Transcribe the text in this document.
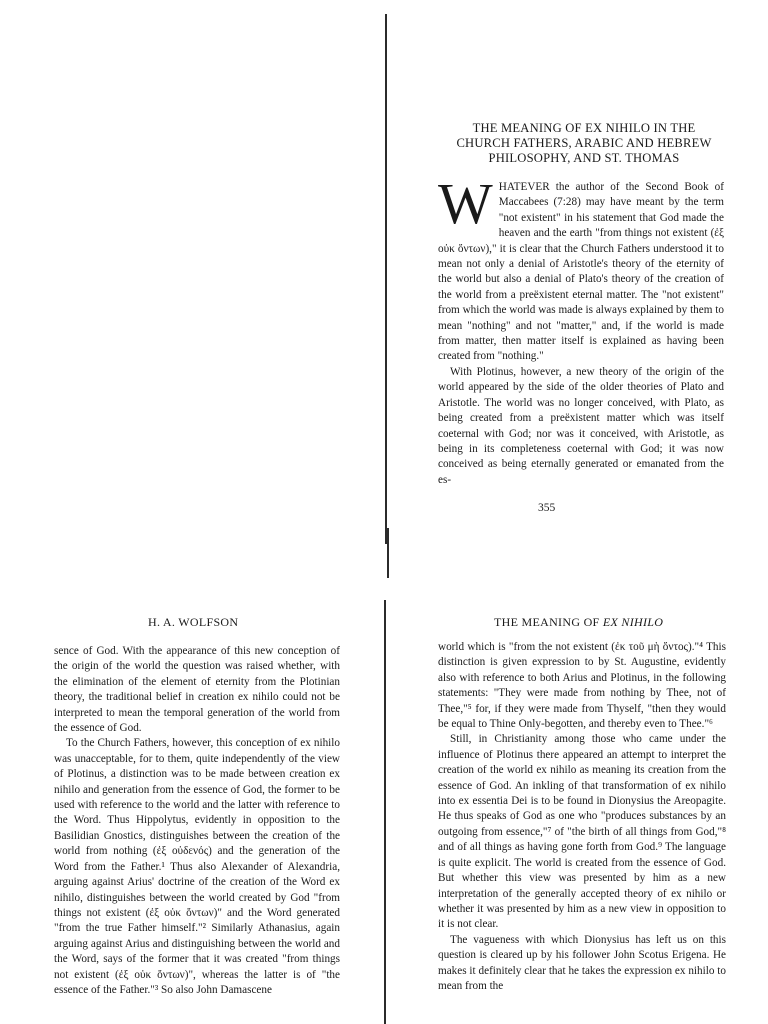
THE MEANING OF EX NIHILO IN THE
CHURCH FATHERS, ARABIC AND HEBREW
PHILOSOPHY, AND ST. THOMAS

WHATEVER the author of the Second Book of Maccabees (7:28) may have meant by the term "not existent" in his statement that God made the heaven and the earth "from things not existent (ἐξ οὐκ ὄντων)," it is clear that the Church Fathers understood it to mean not only a denial of Aristotle's theory of the eternity of the world but also a denial of Plato's theory of the creation of the world from a preëxistent eternal matter. The "not existent" from which the world was made is always explained by them to mean "nothing" and not "matter," and, if the world is made from matter, then matter itself is explained as having been created from "nothing."

With Plotinus, however, a new theory of the origin of the world appeared by the side of the older theories of Plato and Aristotle. The world was no longer conceived, with Plato, as being created from a preëxistent matter which was itself coeternal with God; nor was it conceived, with Aristotle, as being in its completeness coeternal with God; it was now conceived as being eternally generated or emanated from the es-

355
H. A. WOLFSON

sence of God. With the appearance of this new conception of the origin of the world the question was raised whether, with the elimination of the element of eternity from the Plotinian theory, the traditional belief in creation ex nihilo could not be interpreted to mean the temporal generation of the world from the essence of God.

To the Church Fathers, however, this conception of ex nihilo was unacceptable, for to them, quite independently of the view of Plotinus, a distinction was to be made between creation ex nihilo and generation from the essence of God, the former to be used with reference to the world and the latter with reference to the Word. Thus Hippolytus, evidently in opposition to the Basilidian Gnostics, distinguishes between the creation of the world from nothing (ἐξ οὐδενός) and the generation of the Word from the Father.¹ Thus also Alexander of Alexandria, arguing against Arius' doctrine of the creation of the Word ex nihilo, distinguishes between the world created by God "from things not existent (ἐξ οὐκ ὄντων)" and the Word generated "from the true Father himself."² Similarly Athanasius, again arguing against Arius and distinguishing between the world and the Word, says of the former that it was created "from things not existent (ἐξ οὐκ ὄντων)", whereas the latter is of "the essence of the Father."³ So also John Damascene

THE MEANING OF EX NIHILO

world which is "from the not existent (ἐκ τοῦ μὴ ὄντος)."⁴ This distinction is given expression to by St. Augustine, evidently also with reference to both Arius and Plotinus, in the following statements: "They were made from nothing by Thee, not of Thee,"⁵ for, if they were made from Thyself, "then they would be equal to Thine Only-begotten, and thereby even to Thee."⁶

Still, in Christianity among those who came under the influence of Plotinus there appeared an attempt to interpret the creation of the world ex nihilo as meaning its creation from the essence of God. An inkling of that transformation of ex nihilo into ex essentia Dei is to be found in Dionysius the Areopagite. He thus speaks of God as one who "produces substances by an outgoing from essence,"⁷ of "the birth of all things from God,"⁸ and of all things as having gone forth from God.⁹ The language is quite explicit. The world is created from the essence of God. But whether this view was presented by him as a new interpretation of the generally accepted theory of ex nihilo or whether it was presented by him as a new view in opposition to it is not clear.

The vagueness with which Dionysius has left us on this question is cleared up by his follower John Scotus Erigena. He makes it definitely clear that he takes the expression ex nihilo to mean from the
